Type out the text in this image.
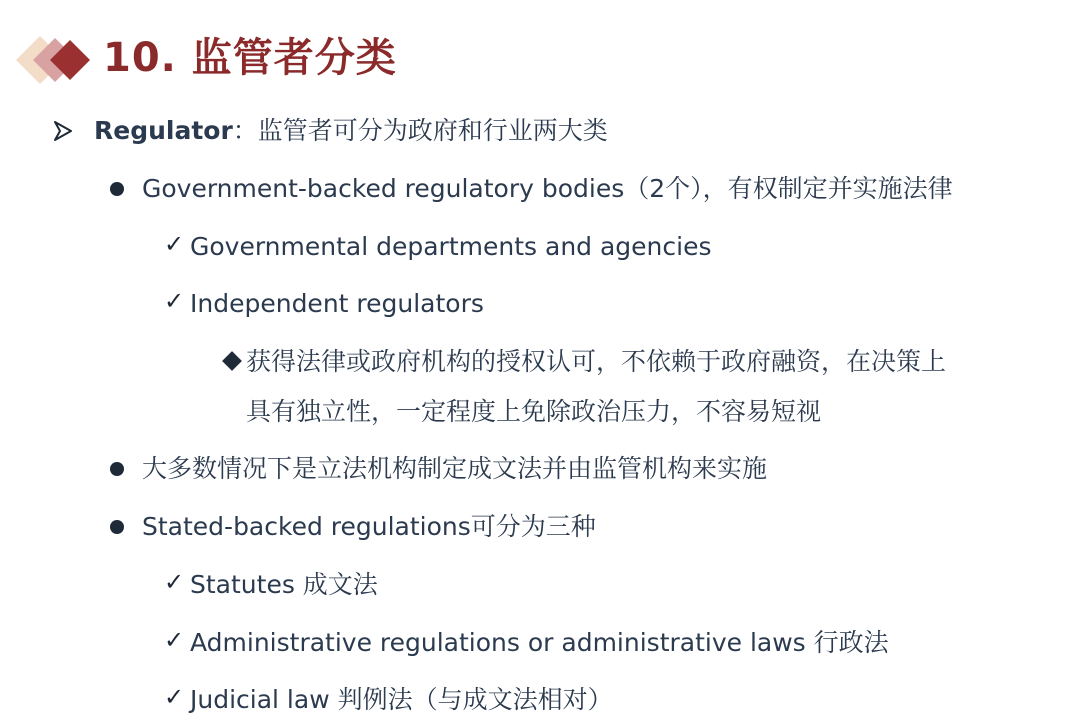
10. 监管者分类
Regulator：监管者可分为政府和行业两大类
Government-backed regulatory bodies（2个），有权制定并实施法律
✓ Governmental departments and agencies
✓ Independent regulators
获得法律或政府机构的授权认可，不依赖于政府融资，在决策上
具有独立性，一定程度上免除政治压力，不容易短视
大多数情况下是立法机构制定成文法并由监管机构来实施
Stated-backed regulations可分为三种
✓ Statutes 成文法
✓ Administrative regulations or administrative laws 行政法
✓ Judicial law 判例法（与成文法相对）
